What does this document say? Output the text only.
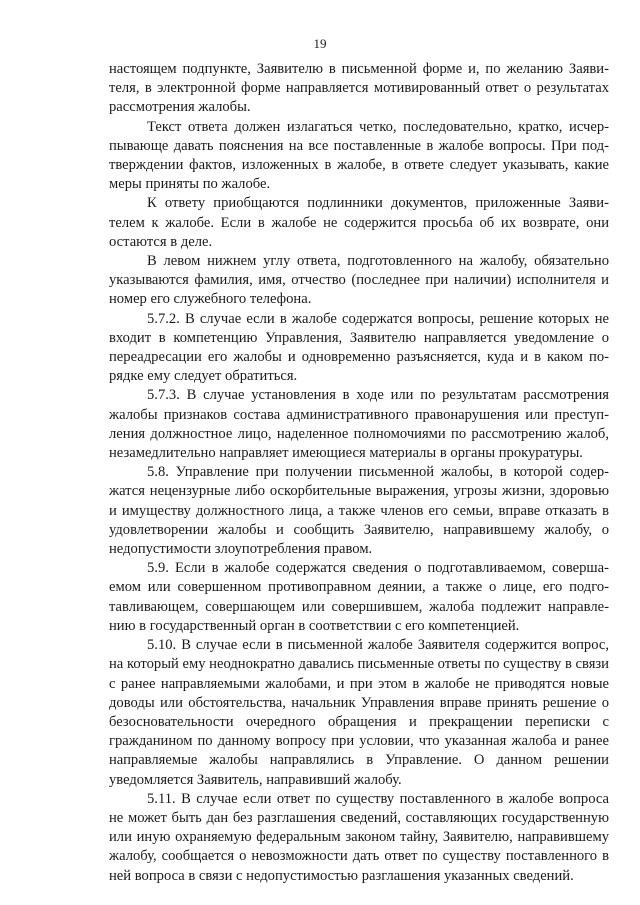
19

настоящем подпункте, Заявителю в письменной форме и, по желанию Заявителя, в электронной форме направляется мотивированный ответ о результатах рассмотрения жалобы.

Текст ответа должен излагаться четко, последовательно, кратко, исчерпывающе давать пояснения на все поставленные в жалобе вопросы. При подтверждении фактов, изложенных в жалобе, в ответе следует указывать, какие меры приняты по жалобе.

К ответу приобщаются подлинники документов, приложенные Заявителем к жалобе. Если в жалобе не содержится просьба об их возврате, они остаются в деле.

В левом нижнем углу ответа, подготовленного на жалобу, обязательно указываются фамилия, имя, отчество (последнее при наличии) исполнителя и номер его служебного телефона.

5.7.2. В случае если в жалобе содержатся вопросы, решение которых не входит в компетенцию Управления, Заявителю направляется уведомление о переадресации его жалобы и одновременно разъясняется, куда и в каком порядке ему следует обратиться.

5.7.3. В случае установления в ходе или по результатам рассмотрения жалобы признаков состава административного правонарушения или преступления должностное лицо, наделенное полномочиями по рассмотрению жалоб, незамедлительно направляет имеющиеся материалы в органы прокуратуры.

5.8. Управление при получении письменной жалобы, в которой содержатся нецензурные либо оскорбительные выражения, угрозы жизни, здоровью и имуществу должностного лица, а также членов его семьи, вправе отказать в удовлетворении жалобы и сообщить Заявителю, направившему жалобу, о недопустимости злоупотребления правом.

5.9. Если в жалобе содержатся сведения о подготавливаемом, совершаемом или совершенном противоправном деянии, а также о лице, его подготавливающем, совершающем или совершившем, жалоба подлежит направлению в государственный орган в соответствии с его компетенцией.

5.10. В случае если в письменной жалобе Заявителя содержится вопрос, на который ему неоднократно давались письменные ответы по существу в связи с ранее направляемыми жалобами, и при этом в жалобе не приводятся новые доводы или обстоятельства, начальник Управления вправе принять решение о безосновательности очередного обращения и прекращении переписки с гражданином по данному вопросу при условии, что указанная жалоба и ранее направляемые жалобы направлялись в Управление. О данном решении уведомляется Заявитель, направивший жалобу.

5.11. В случае если ответ по существу поставленного в жалобе вопроса не может быть дан без разглашения сведений, составляющих государственную или иную охраняемую федеральным законом тайну, Заявителю, направившему жалобу, сообщается о невозможности дать ответ по существу поставленного в ней вопроса в связи с недопустимостью разглашения указанных сведений.
